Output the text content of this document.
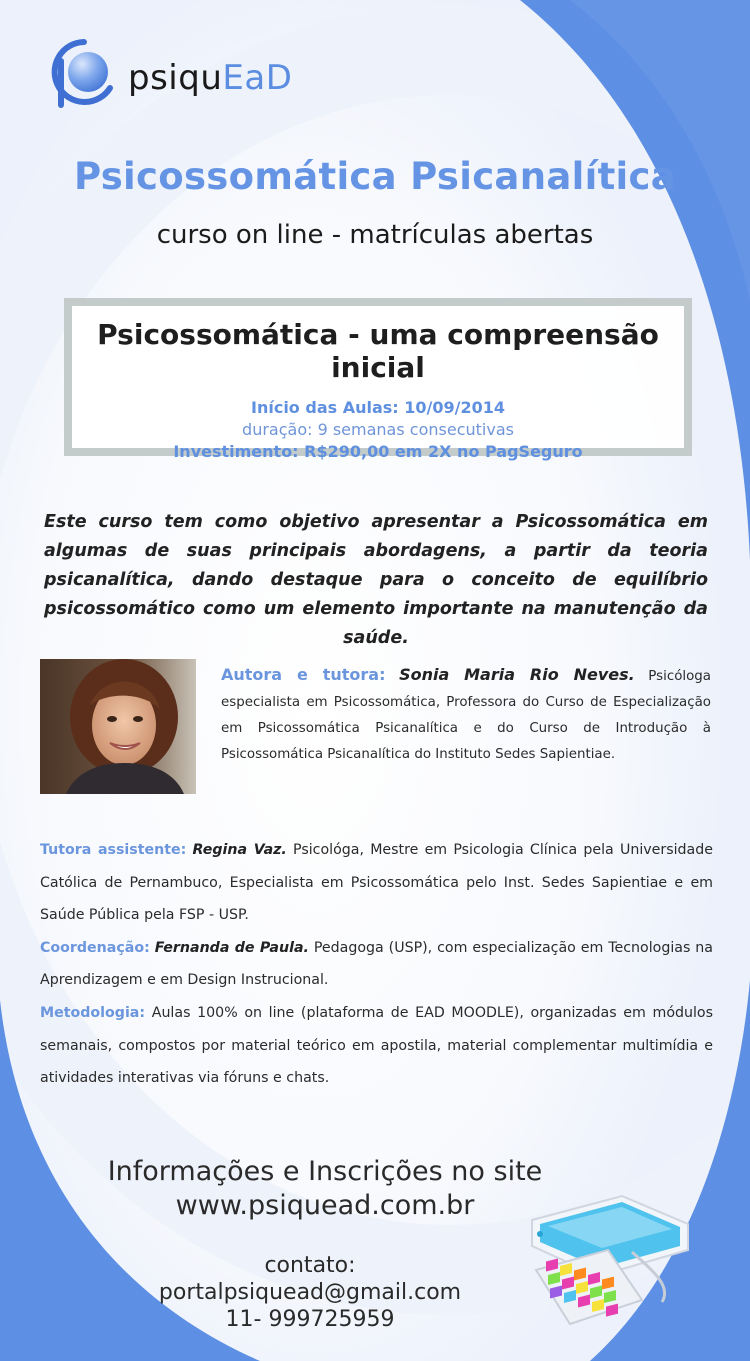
psiquEaD
Psicossomática Psicanalítica
curso on line - matrículas abertas
Psicossomática - uma compreensão inicial
Início das Aulas: 10/09/2014
duração: 9 semanas consecutivas
Investimento: R$290,00 em 2X no PagSeguro
Este curso tem como objetivo apresentar a Psicossomática em algumas de suas principais abordagens, a partir da teoria psicanalítica, dando destaque para o conceito de equilíbrio psicossomático como um elemento importante na manutenção da saúde.
Autora e tutora: Sonia Maria Rio Neves. Psicóloga especialista em Psicossomática, Professora do Curso de Especialização em Psicossomática Psicanalítica e do Curso de Introdução à Psicossomática Psicanalítica do Instituto Sedes Sapientiae.

Tutora assistente: Regina Vaz. Psicológa, Mestre em Psicologia Clínica pela Universidade Católica de Pernambuco, Especialista em Psicossomática pelo Inst. Sedes Sapientiae e em Saúde Pública pela FSP - USP.

Coordenação: Fernanda de Paula. Pedagoga (USP), com especialização em Tecnologias na Aprendizagem e em Design Instrucional.

Metodologia: Aulas 100% on line (plataforma de EAD MOODLE), organizadas em módulos semanais, compostos por material teórico em apostila, material complementar multimídia e atividades interativas via fóruns e chats.

Informações e Inscrições no site
www.psiquead.com.br
contato:
portalpsiquead@gmail.com
11- 999725959
